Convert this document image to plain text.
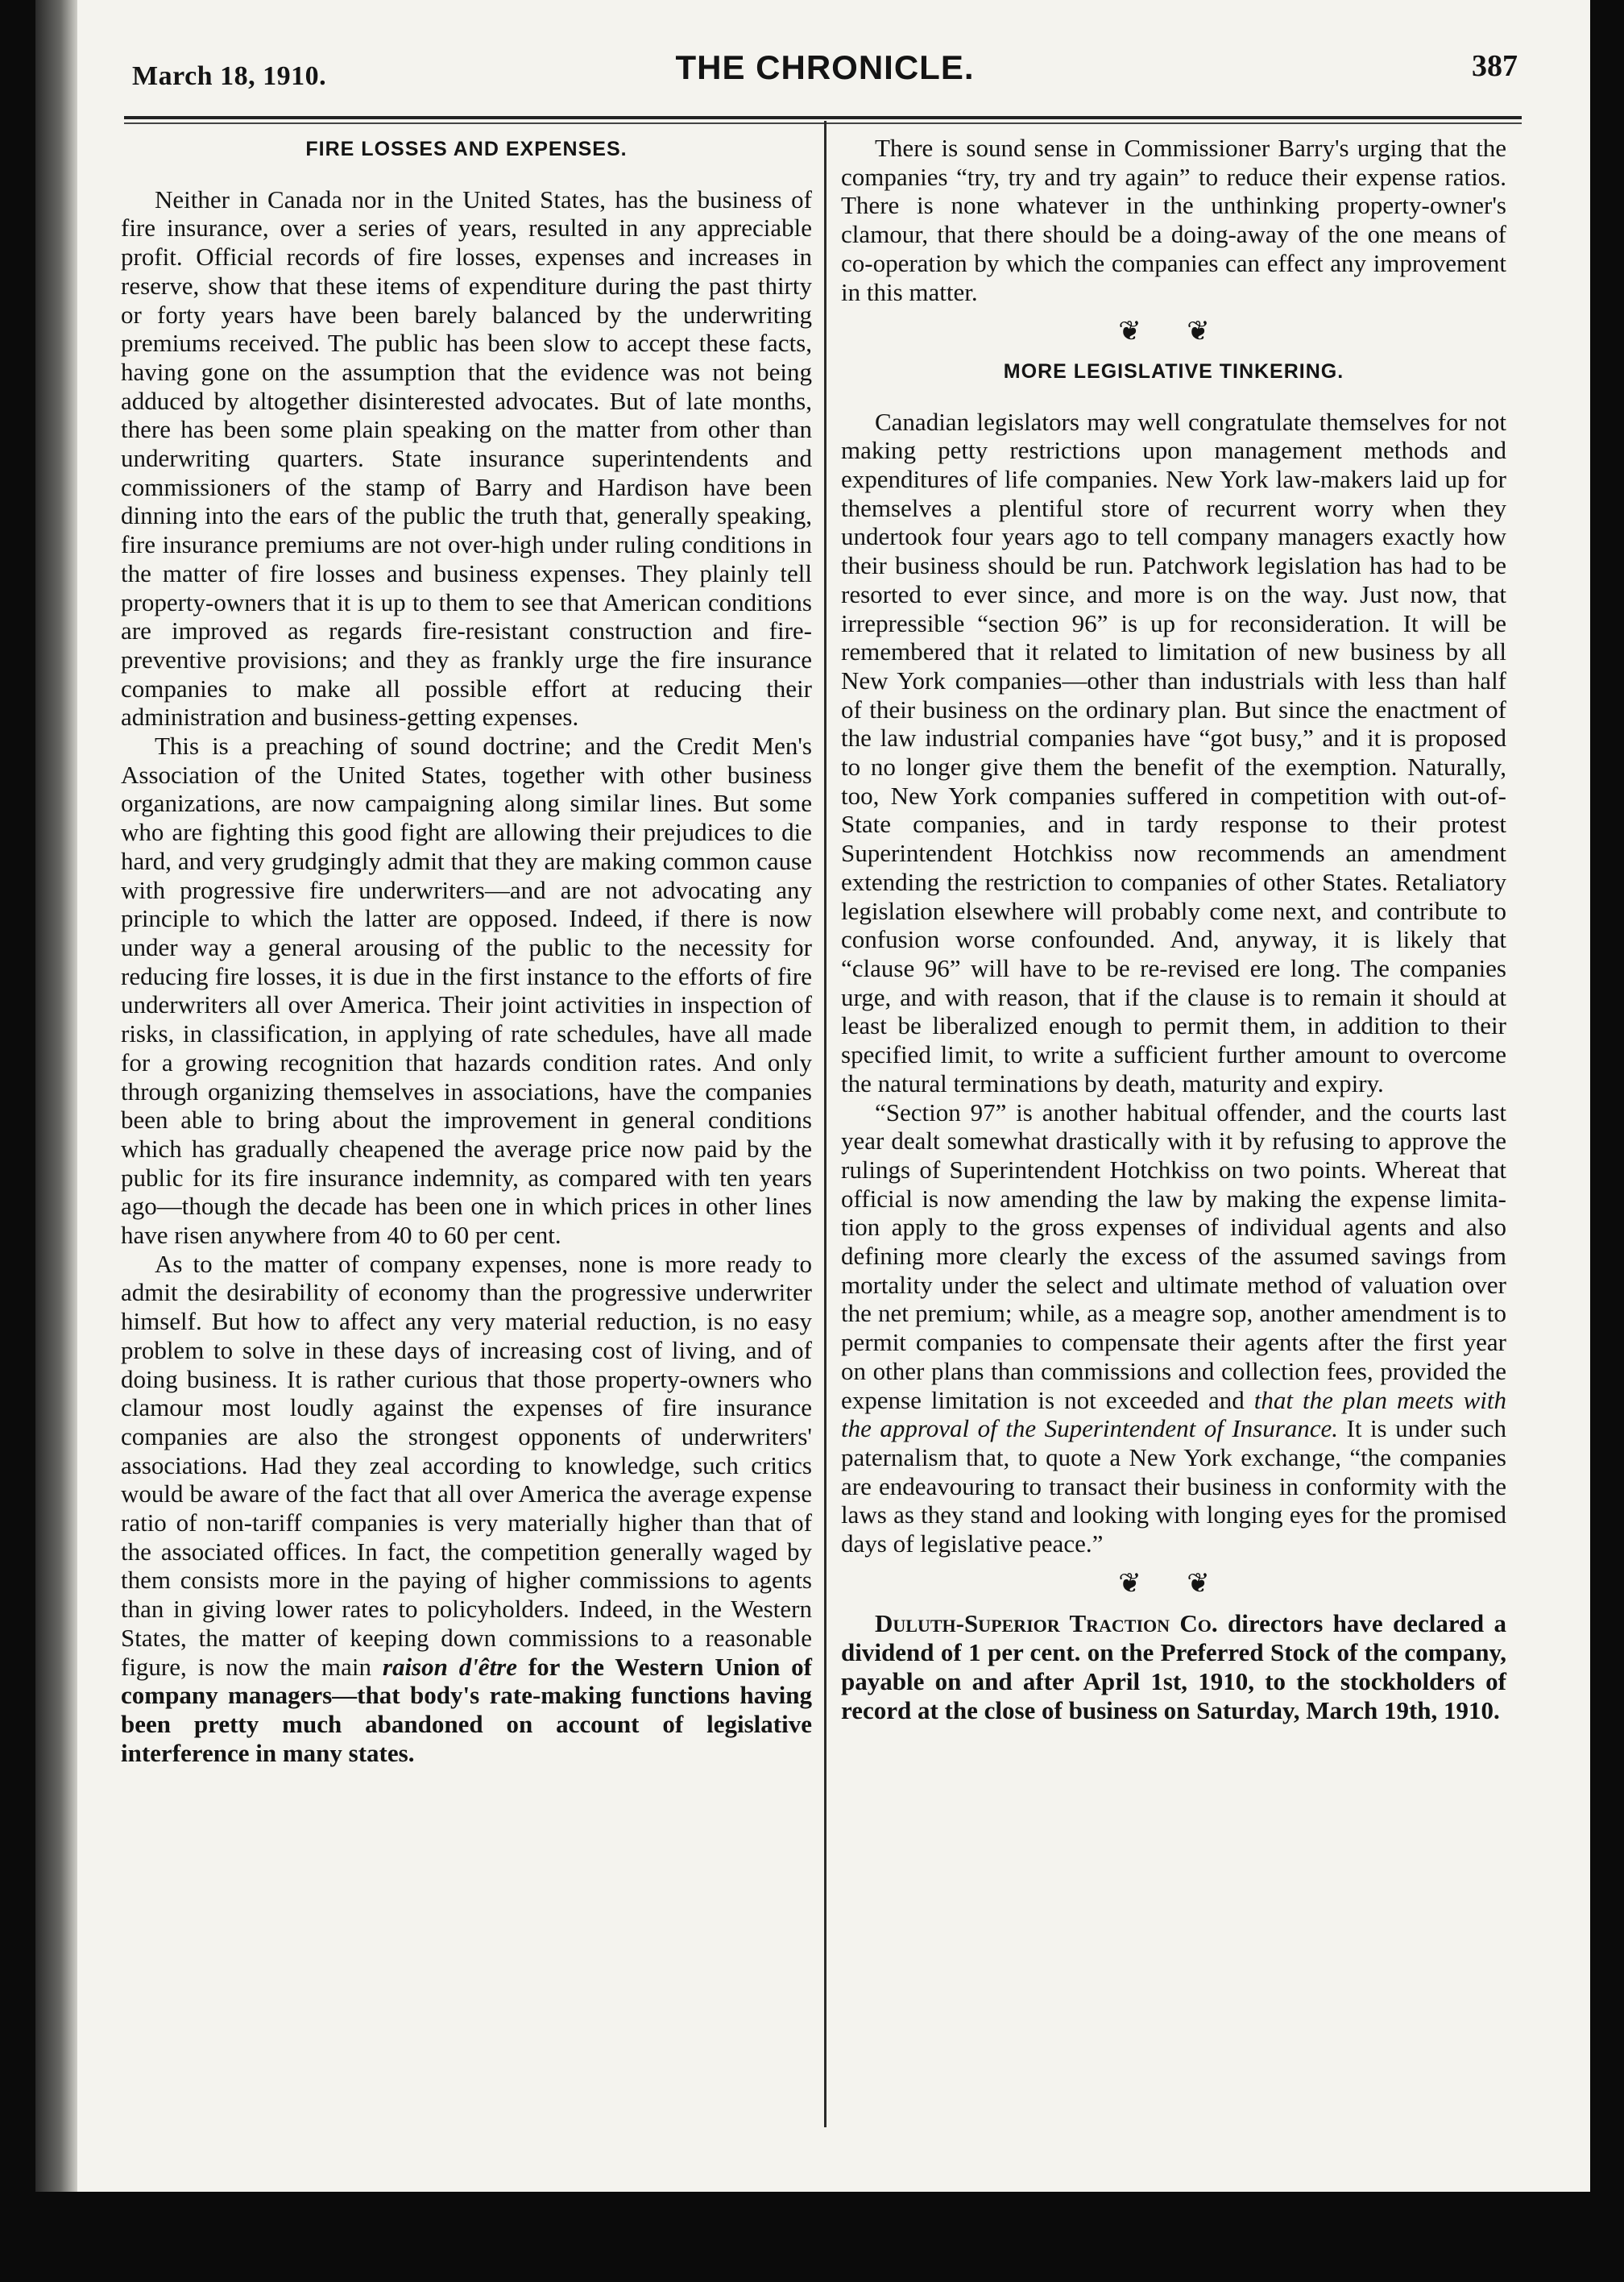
March 18, 1910.	THE CHRONICLE.	387
FIRE LOSSES AND EXPENSES.

Neither in Canada nor in the United States, has the business of fire insurance, over a series of years, resulted in any appreciable profit. Official records of fire losses, expenses and increases in reserve, show that these items of expenditure during the past thirty or forty years have been barely balanced by the underwriting premiums received. The public has been slow to accept these facts, having gone on the assumption that the evidence was not being adduced by altogether disinterested advocates. But of late months, there has been some plain speaking on the matter from other than underwriting quarters. State insurance superintendents and commissioners of the stamp of Barry and Hardison have been dinning into the ears of the public the truth that, generally speaking, fire insurance premiums are not over-high under ruling conditions in the matter of fire losses and business expenses. They plainly tell property-owners that it is up to them to see that American conditions are improved as regards fire-resistant construction and fire-preventive provisions; and they as frankly urge the fire insurance companies to make all possible effort at reducing their administration and business-getting expenses.

This is a preaching of sound doctrine; and the Credit Men's Association of the United States, together with other business organizations, are now campaigning along similar lines. But some who are fighting this good fight are allowing their prejudices to die hard, and very grudgingly admit that they are making common cause with progressive fire underwriters—and are not advocating any principle to which the latter are opposed. Indeed, if there is now under way a general arousing of the public to the necessity for reducing fire losses, it is due in the first instance to the efforts of fire underwriters all over America. Their joint activities in inspection of risks, in classification, in applying of rate schedules, have all made for a growing recognition that hazards condition rates. And only through organizing themselves in associations, have the companies been able to bring about the improvement in general conditions which has gradually cheapened the average price now paid by the public for its fire insurance indemnity, as compared with ten years ago—though the decade has been one in which prices in other lines have risen anywhere from 40 to 60 per cent.

As to the matter of company expenses, none is more ready to admit the desirability of economy than the progressive underwriter himself. But how to affect any very material reduction, is no easy problem to solve in these days of increasing cost of living, and of doing business. It is rather curious that those property-owners who clamour most loudly against the expenses of fire insurance companies are also the strongest opponents of underwriters' associations. Had they zeal according to knowledge, such critics would be aware of the fact that all over America the average expense ratio of non-tariff companies is very materially higher than that of the associated offices. In fact, the competition generally waged by them consists more in the paying of higher commissions to agents than in giving lower rates to policyholders. Indeed, in the Western States, the matter of keeping down commissions to a reasonable figure, is now the main raison d'être for the Western Union of company managers—that body's rate-making functions having been pretty much abandoned on account of legislative interference in many states.

There is sound sense in Commissioner Barry's urging that the companies “try, try and try again” to reduce their expense ratios. There is none whatever in the unthinking property-owner's clamour, that there should be a doing-away of the one means of co-operation by which the companies can effect any improvement in this matter.

❦ ❦
MORE LEGISLATIVE TINKERING.

Canadian legislators may well congratulate themselves for not making petty restrictions upon management methods and expenditures of life companies. New York law-makers laid up for themselves a plentiful store of recurrent worry when they undertook four years ago to tell company managers exactly how their business should be run. Patchwork legislation has had to be resorted to ever since, and more is on the way. Just now, that irrepressible “section 96” is up for reconsideration. It will be remembered that it related to limitation of new business by all New York companies—other than industrials with less than half of their business on the ordinary plan. But since the enactment of the law industrial companies have “got busy,” and it is proposed to no longer give them the benefit of the exemption. Naturally, too, New York companies suffered in competition with out-of-State companies, and in tardy response to their protest Superintendent Hotchkiss now recommends an amendment extending the restriction to companies of other States. Retaliatory legislation elsewhere will probably come next, and contribute to confusion worse confounded. And, anyway, it is likely that “clause 96” will have to be re-revised ere long. The companies urge, and with reason, that if the clause is to remain it should at least be liberalized enough to permit them, in addition to their specified limit, to write a sufficient further amount to overcome the natural terminations by death, maturity and expiry.

“Section 97” is another habitual offender, and the courts last year dealt somewhat drastically with it by refusing to approve the rulings of Superintendent Hotchkiss on two points. Whereat that official is now amending the law by making the expense limitation apply to the gross expenses of individual agents and also defining more clearly the excess of the assumed savings from mortality under the select and ultimate method of valuation over the net premium; while, as a meagre sop, another amendment is to permit companies to compensate their agents after the first year on other plans than commissions and collection fees, provided the expense limitation is not exceeded and that the plan meets with the approval of the Superintendent of Insurance. It is under such paternalism that, to quote a New York exchange, “the companies are endeavouring to transact their business in conformity with the laws as they stand and looking with longing eyes for the promised days of legislative peace.”

❦ ❦

Duluth-Superior Traction Co. directors have declared a dividend of 1 per cent. on the Preferred Stock of the company, payable on and after April 1st, 1910, to the stockholders of record at the close of business on Saturday, March 19th, 1910.
